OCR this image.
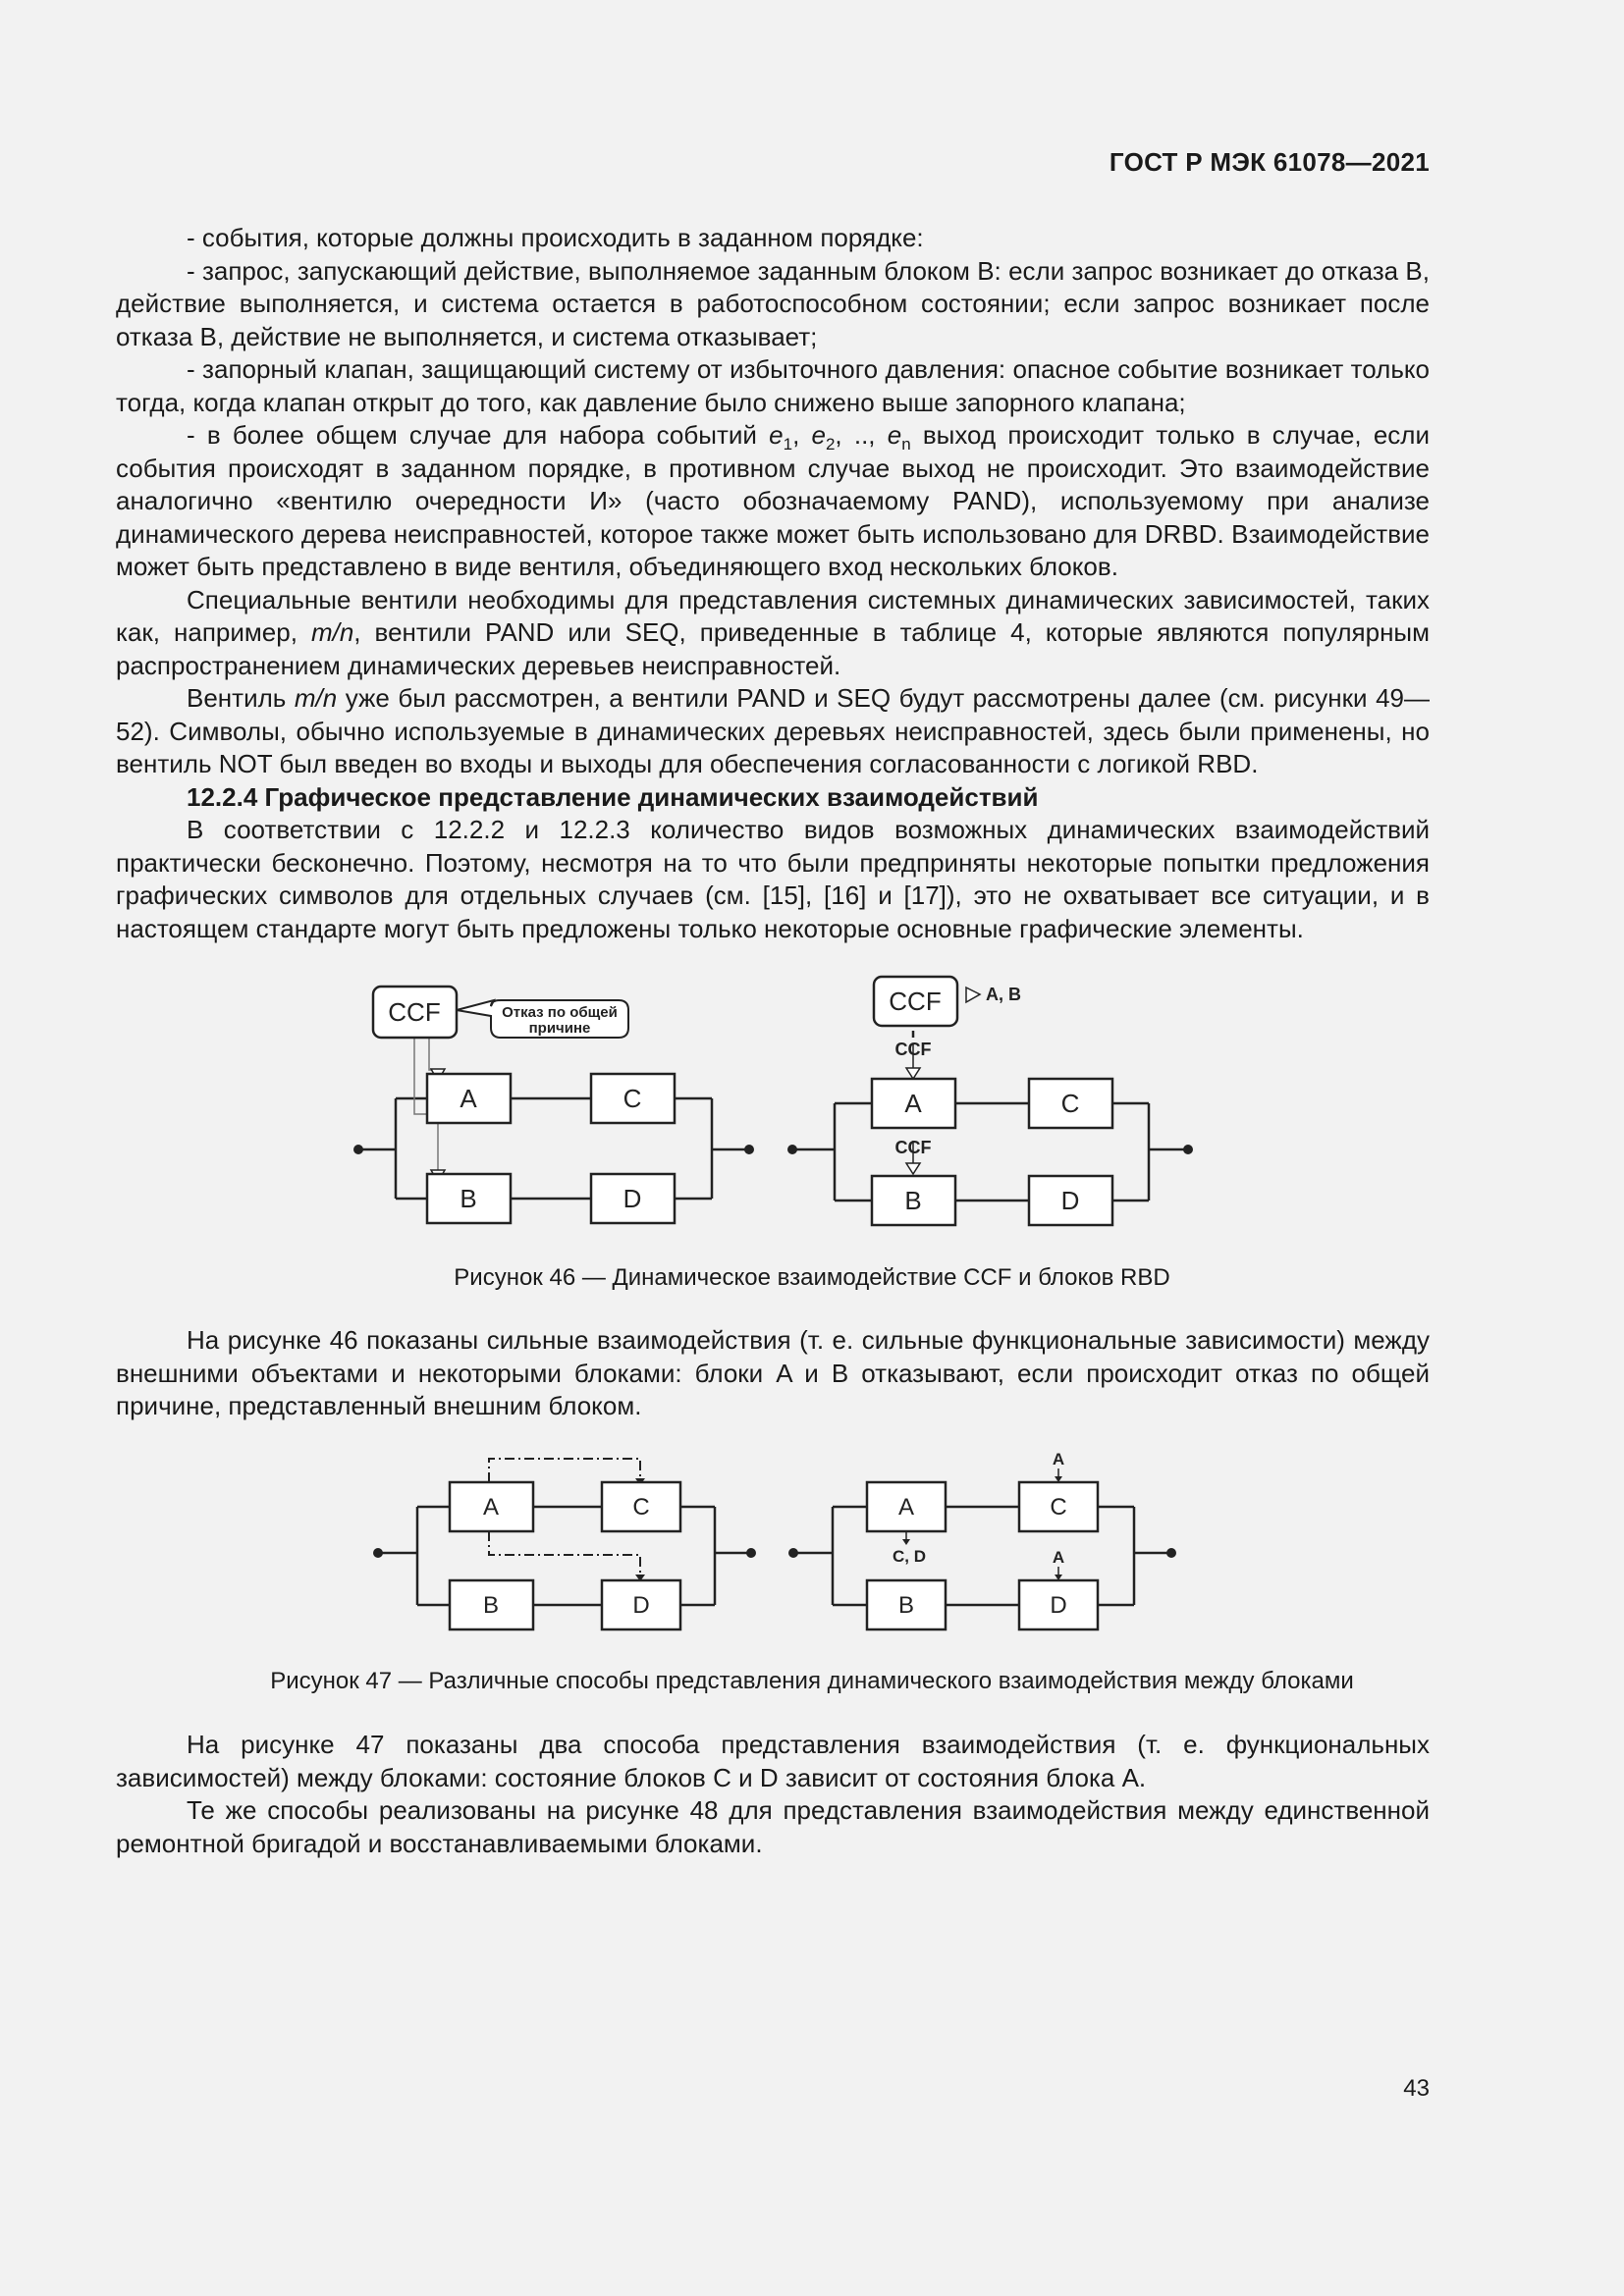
ГОСТ Р МЭК 61078—2021

- события, которые должны происходить в заданном порядке:

- запрос, запускающий действие, выполняемое заданным блоком B: если запрос возникает до отказа B, действие выполняется, и система остается в работоспособном состоянии; если запрос возникает после отказа B, действие не выполняется, и система отказывает;

- запорный клапан, защищающий систему от избыточного давления: опасное событие возникает только тогда, когда клапан открыт до того, как давление было снижено выше запорного клапана;

- в более общем случае для набора событий $e_1$, $e_2$, .., $e_n$ выход происходит только в случае, если события происходят в заданном порядке, в противном случае выход не происходит. Это взаимодействие аналогично «вентилю очередности И» (часто обозначаемому PAND), используемому при анализе динамического дерева неисправностей, которое также может быть использовано для DRBD. Взаимодействие может быть представлено в виде вентиля, объединяющего вход нескольких блоков.

Специальные вентили необходимы для представления системных динамических зависимостей, таких как, например, m/n, вентили PAND или SEQ, приведенные в таблице 4, которые являются популярным распространением динамических деревьев неисправностей.

Вентиль m/n уже был рассмотрен, а вентили PAND и SEQ будут рассмотрены далее (см. рисунки 49—52). Символы, обычно используемые в динамических деревьях неисправностей, здесь были применены, но вентиль NOT был введен во входы и выходы для обеспечения согласованности с логикой RBD.

12.2.4 Графическое представление динамических взаимодействий

В соответствии с 12.2.2 и 12.2.3 количество видов возможных динамических взаимодействий практически бесконечно. Поэтому, несмотря на то что были предприняты некоторые попытки предложения графических символов для отдельных случаев (см. [15], [16] и [17]), это не охватывает все ситуации, и в настоящем стандарте могут быть предложены только некоторые основные графические элементы.

A	C
B	D
CCF	Отказ по общей
причине
A	C
B	D
CCF	A, B
CCF
CCF
Рисунок 46 — Динамическое взаимодействие CCF и блоков RBD

На рисунке 46 показаны сильные взаимодействия (т. е. сильные функциональные зависимости) между внешними объектами и некоторыми блоками: блоки A и B отказывают, если происходит отказ по общей причине, представленный внешним блоком.

A	C
B	D
A	C
B	D
A
C, D	A
Рисунок 47 — Различные способы представления динамического взаимодействия между блоками

На рисунке 47 показаны два способа представления взаимодействия (т. е. функциональных зависимостей) между блоками: состояние блоков C и D зависит от состояния блока A.

Те же способы реализованы на рисунке 48 для представления взаимодействия между единственной ремонтной бригадой и восстанавливаемыми блоками.

43
